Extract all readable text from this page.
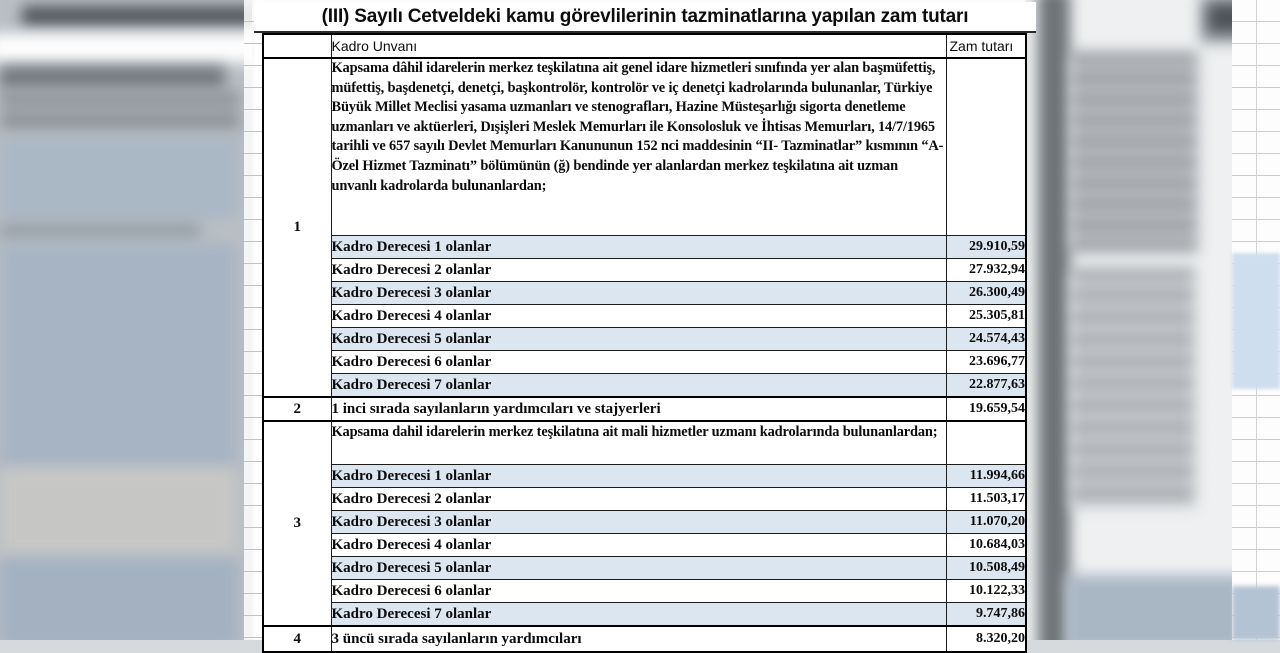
(III) Sayılı Cetveldeki kamu görevlilerinin tazminatlarına yapılan zam tutarı
	Kadro Unvanı	Zam tutarı
1	Kapsama dâhil idarelerin merkez teşkilatına ait genel idare hizmetleri sınıfında yer alan başmüfettiş, müfettiş, başdenetçi, denetçi, başkontrolör, kontrolör ve iç denetçi kadrolarında bulunanlar, Türkiye Büyük Millet Meclisi yasama uzmanları ve stenografları, Hazine Müsteşarlığı sigorta denetleme uzmanları ve aktüerleri, Dışişleri Meslek Memurları ile Konsolosluk ve İhtisas Memurları, 14/7/1965 tarihli ve 657 sayılı Devlet Memurları Kanununun 152 nci maddesinin “II- Tazminatlar” kısmının “A- Özel Hizmet Tazminatı” bölümünün (ğ) bendinde yer alanlardan merkez teşkilatına ait uzman unvanlı kadrolarda bulunanlardan;	
	Kadro Derecesi 1 olanlar	29.910,59
	Kadro Derecesi 2 olanlar	27.932,94
	Kadro Derecesi 3 olanlar	26.300,49
	Kadro Derecesi 4 olanlar	25.305,81
	Kadro Derecesi 5 olanlar	24.574,43
	Kadro Derecesi 6 olanlar	23.696,77
	Kadro Derecesi 7 olanlar	22.877,63
2	1 inci sırada sayılanların yardımcıları ve stajyerleri	19.659,54
3	Kapsama dahil idarelerin merkez teşkilatına ait mali hizmetler uzmanı kadrolarında bulunanlardan;	
	Kadro Derecesi 1 olanlar	11.994,66
	Kadro Derecesi 2 olanlar	11.503,17
	Kadro Derecesi 3 olanlar	11.070,20
	Kadro Derecesi 4 olanlar	10.684,03
	Kadro Derecesi 5 olanlar	10.508,49
	Kadro Derecesi 6 olanlar	10.122,33
	Kadro Derecesi 7 olanlar	9.747,86
4	3 üncü sırada sayılanların yardımcıları	8.320,20
